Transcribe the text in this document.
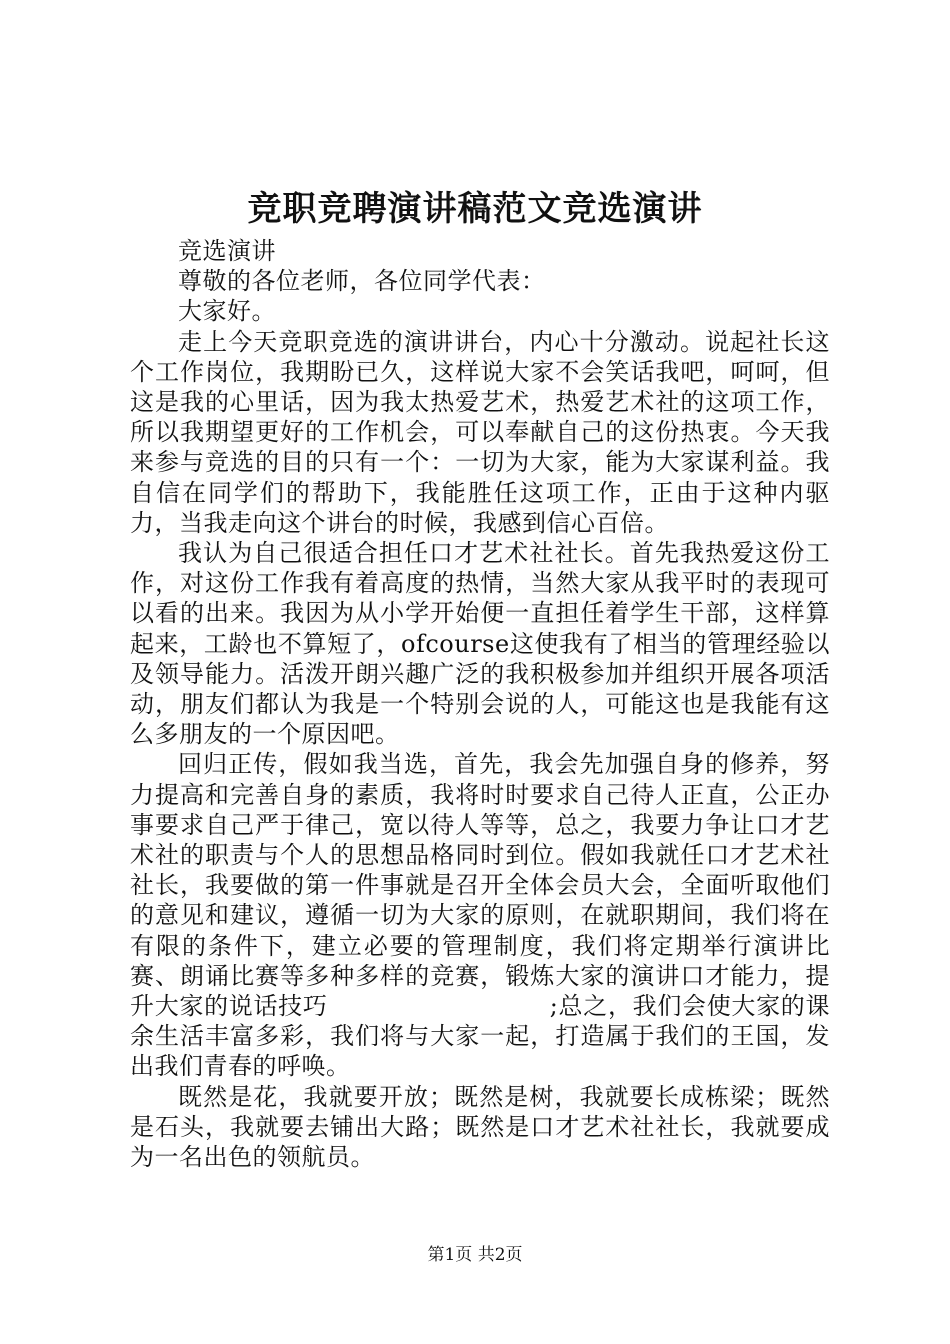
竞职竞聘演讲稿范文竞选演讲

竞选演讲

尊敬的各位老师，各位同学代表：

大家好。

走上今天竞职竞选的演讲讲台，内心十分激动。说起社长这个工作岗位，我期盼已久，这样说大家不会笑话我吧，呵呵，但这是我的心里话，因为我太热爱艺术，热爱艺术社的这项工作，所以我期望更好的工作机会，可以奉献自己的这份热衷。今天我来参与竞选的目的只有一个：一切为大家，能为大家谋利益。我自信在同学们的帮助下，我能胜任这项工作，正由于这种内驱力，当我走向这个讲台的时候，我感到信心百倍。

我认为自己很适合担任口才艺术社社长。首先我热爱这份工作，对这份工作我有着高度的热情，当然大家从我平时的表现可以看的出来。我因为从小学开始便一直担任着学生干部，这样算起来，工龄也不算短了，ofcourse这使我有了相当的管理经验以及领导能力。活泼开朗兴趣广泛的我积极参加并组织开展各项活动，朋友们都认为我是一个特别会说的人，可能这也是我能有这么多朋友的一个原因吧。

回归正传，假如我当选，首先，我会先加强自身的修养，努力提高和完善自身的素质，我将时时要求自己待人正直，公正办事要求自己严于律己，宽以待人等等，总之，我要力争让口才艺术社的职责与个人的思想品格同时到位。假如我就任口才艺术社社长，我要做的第一件事就是召开全体会员大会，全面听取他们的意见和建议，遵循一切为大家的原则，在就职期间，我们将在有限的条件下，建立必要的管理制度，我们将定期举行演讲比赛、朗诵比赛等多种多样的竞赛，锻炼大家的演讲口才能力，提升大家的说话技巧　　　　　　　　　;总之，我们会使大家的课余生活丰富多彩，我们将与大家一起，打造属于我们的王国，发出我们青春的呼唤。

既然是花，我就要开放；既然是树，我就要长成栋梁；既然是石头，我就要去铺出大路；既然是口才艺术社社长，我就要成为一名出色的领航员。

第1页 共2页
